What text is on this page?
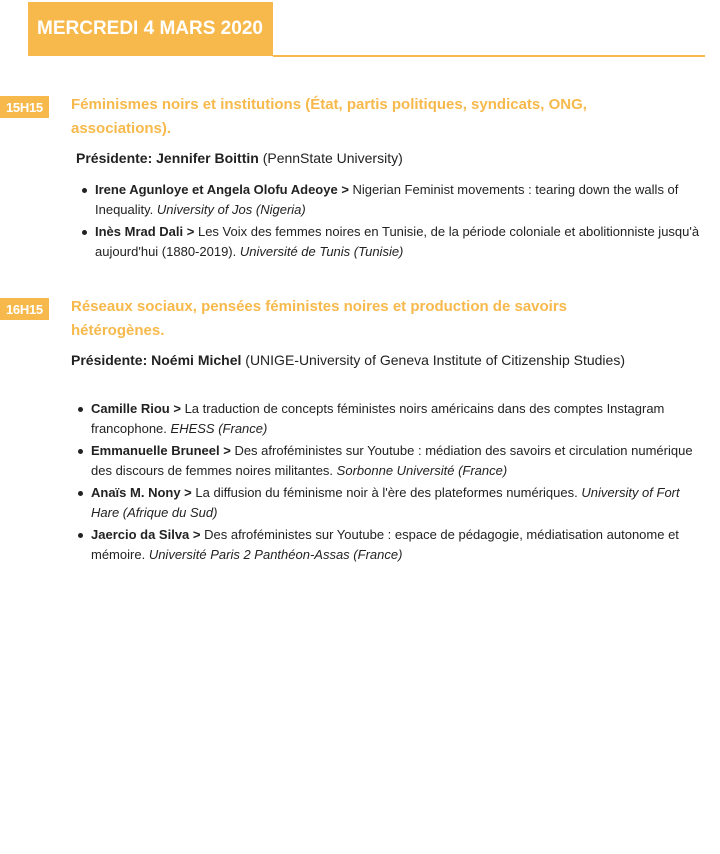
MERCREDI 4 MARS 2020
15H15	Féminismes noirs et institutions (État, partis politiques, syndicats, ONG, associations).
Présidente: Jennifer Boittin (PennState University)
Irene Agunloye et Angela Olofu Adeoye > Nigerian Feminist movements : tearing down the walls of Inequality. University of Jos (Nigeria)
Inès Mrad Dali > Les Voix des femmes noires en Tunisie, de la période coloniale et abolitionniste jusqu'à aujourd'hui (1880-2019). Université de Tunis (Tunisie)
16H15	Réseaux sociaux, pensées féministes noires et production de savoirs hétérogènes.
Présidente: Noémi Michel (UNIGE-University of Geneva Institute of Citizenship Studies)
Camille Riou > La traduction de concepts féministes noirs américains dans des comptes Instagram francophone. EHESS (France)
Emmanuelle Bruneel > Des afroféministes sur Youtube : médiation des savoirs et circulation numérique des discours de femmes noires militantes. Sorbonne Université (France)
Anaïs M. Nony > La diffusion du féminisme noir à l'ère des plateformes numériques. University of Fort Hare (Afrique du Sud)
Jaercio da Silva > Des afroféministes sur Youtube : espace de pédagogie, médiatisation autonome et mémoire. Université Paris 2 Panthéon-Assas (France)
